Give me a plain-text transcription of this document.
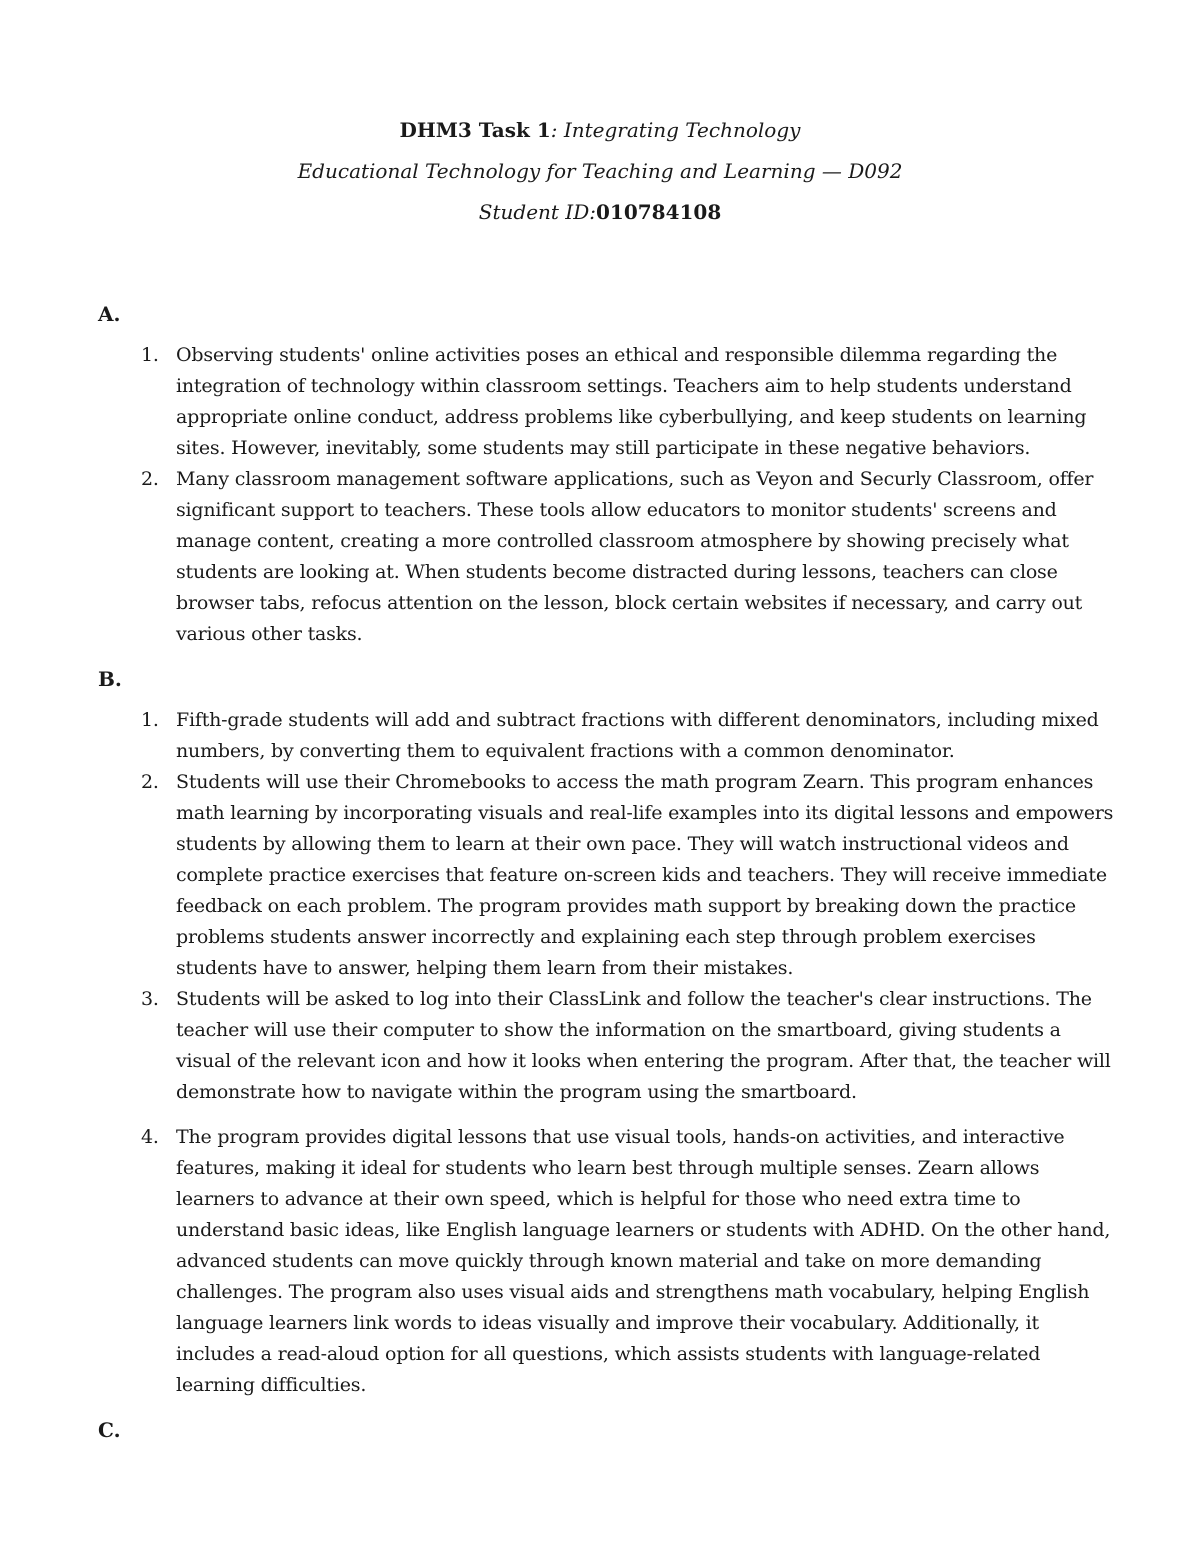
DHM3 Task 1: Integrating Technology
Educational Technology for Teaching and Learning — D092
Student ID:010784108
A.
1. Observing students' online activities poses an ethical and responsible dilemma regarding the integration of technology within classroom settings. Teachers aim to help students understand appropriate online conduct, address problems like cyberbullying, and keep students on learning sites. However, inevitably, some students may still participate in these negative behaviors.
2. Many classroom management software applications, such as Veyon and Securly Classroom, offer significant support to teachers. These tools allow educators to monitor students' screens and manage content, creating a more controlled classroom atmosphere by showing precisely what students are looking at. When students become distracted during lessons, teachers can close browser tabs, refocus attention on the lesson, block certain websites if necessary, and carry out various other tasks.
B.
1. Fifth-grade students will add and subtract fractions with different denominators, including mixed numbers, by converting them to equivalent fractions with a common denominator.
2. Students will use their Chromebooks to access the math program Zearn. This program enhances math learning by incorporating visuals and real-life examples into its digital lessons and empowers students by allowing them to learn at their own pace. They will watch instructional videos and complete practice exercises that feature on-screen kids and teachers. They will receive immediate feedback on each problem. The program provides math support by breaking down the practice problems students answer incorrectly and explaining each step through problem exercises students have to answer, helping them learn from their mistakes.
3. Students will be asked to log into their ClassLink and follow the teacher's clear instructions. The teacher will use their computer to show the information on the smartboard, giving students a visual of the relevant icon and how it looks when entering the program. After that, the teacher will demonstrate how to navigate within the program using the smartboard.
4. The program provides digital lessons that use visual tools, hands-on activities, and interactive features, making it ideal for students who learn best through multiple senses. Zearn allows learners to advance at their own speed, which is helpful for those who need extra time to understand basic ideas, like English language learners or students with ADHD. On the other hand, advanced students can move quickly through known material and take on more demanding challenges. The program also uses visual aids and strengthens math vocabulary, helping English language learners link words to ideas visually and improve their vocabulary. Additionally, it includes a read-aloud option for all questions, which assists students with language-related learning difficulties.
C.
